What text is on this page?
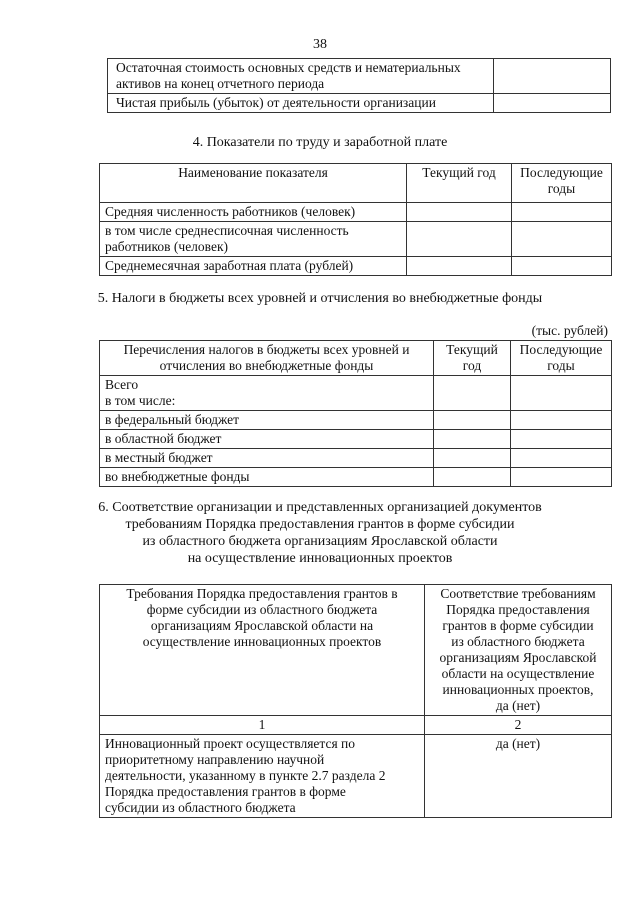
38
Остаточная стоимость основных средств и нематериальных активов на конец отчетного периода	
Чистая прибыль (убыток) от деятельности организации	
4. Показатели по труду и заработной плате
Наименование показателя	Текущий год	Последующие годы
Средняя численность работников (человек)		
в том числе среднесписочная численность работников (человек)		
Среднемесячная заработная плата (рублей)		
5. Налоги в бюджеты всех уровней и отчисления во внебюджетные фонды
(тыс. рублей)
Перечисления налогов в бюджеты всех уровней и отчисления во внебюджетные фонды	Текущий год	Последующие годы

Всего
в том числе:		

в федеральный бюджет		
в областной бюджет		
в местный бюджет		
во внебюджетные фонды		
6. Соответствие организации и представленных организацией документов
требованиям Порядка предоставления грантов в форме субсидии
из областного бюджета организациям Ярославской области
на осуществление инновационных проектов
Требования Порядка предоставления грантов в форме субсидии из областного бюджета организациям Ярославской области на осуществление инновационных проектов	Соответствие требованиям Порядка предоставления грантов в форме субсидии из областного бюджета организациям Ярославской области на осуществление инновационных проектов, да (нет)
1	2
Инновационный проект осуществляется по приоритетному направлению научной деятельности, указанному в пункте 2.7 раздела 2 Порядка предоставления грантов в форме субсидии из областного бюджета	да (нет)
